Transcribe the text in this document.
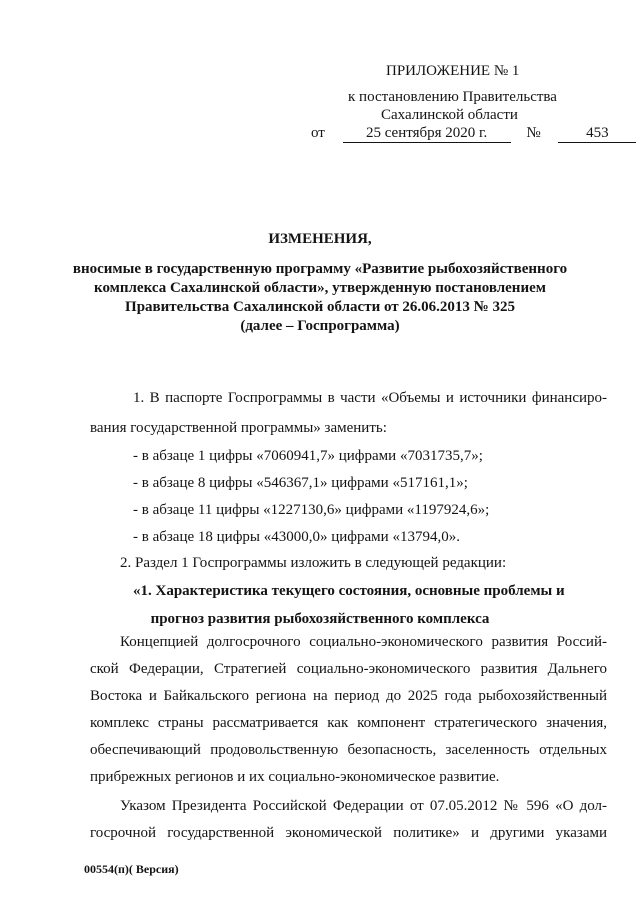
ПРИЛОЖЕНИЕ № 1
к постановлению Правительства
Сахалинской области
от	25 сентября 2020 г.	№	453
ИЗМЕНЕНИЯ,
вносимые в государственную программу «Развитие рыбохозяйственного
комплекса Сахалинской области», утвержденную постановлением
Правительства Сахалинской области от 26.06.2013 № 325
(далее – Госпрограмма)
1. В паспорте Госпрограммы в части «Объемы и источники финансиро-
вания государственной программы» заменить:
- в абзаце 1 цифры «7060941,7» цифрами «7031735,7»;
- в абзаце 8 цифры «546367,1» цифрами «517161,1»;
- в абзаце 11 цифры «1227130,6» цифрами «1197924,6»;
- в абзаце 18 цифры «43000,0» цифрами «13794,0».
2. Раздел 1 Госпрограммы изложить в следующей редакции:
«1. Характеристика текущего состояния, основные проблемы и
прогноз развития рыбохозяйственного комплекса
Концепцией долгосрочного социально-экономического развития Россий-
ской Федерации, Стратегией социально-экономического развития Дальнего
Востока и Байкальского региона на период до 2025 года рыбохозяйственный
комплекс страны рассматривается как компонент стратегического значения,
обеспечивающий продовольственную безопасность, заселенность отдельных
прибрежных регионов и их социально-экономическое развитие.
Указом Президента Российской Федерации от 07.05.2012 № 596 «О дол-
госрочной государственной экономической политике» и другими указами
00554(п)( Версия)
